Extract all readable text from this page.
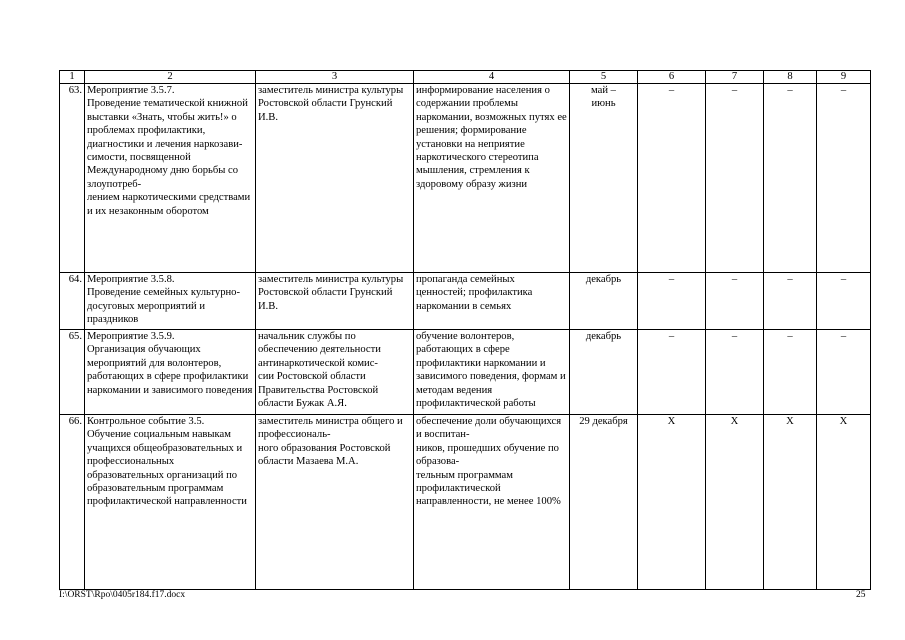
1	2	3	4	5	6	7	8	9
63.	Мероприятие 3.5.7.
Проведение тематической книжной выставки «Знать, чтобы жить!» о проблемах профилактики, диагностики и лечения наркозави-
симости, посвященной Международному дню борьбы со злоупотреб-
лением наркотическими средствами и их незаконным оборотом	заместитель министра культуры Ростовской области Грунский И.В.	информирование населения о содержании проблемы наркомании, возможных путях ее решения; формирование установки на неприятие наркотического стереотипа мышления, стремления к здоровому образу жизни	май –
июнь	–	–	–	–
64.	Мероприятие 3.5.8.
Проведение семейных культурно-досуговых мероприятий и праздников	заместитель министра культуры Ростовской области Грунский И.В.	пропаганда семейных ценностей; профилактика наркомании в семьях	декабрь	–	–	–	–
65.	Мероприятие 3.5.9.
Организация обучающих мероприятий для волонтеров, работающих в сфере профилактики наркомании и зависимого поведения	начальник службы по обеспечению деятельности антинаркотической комис-
сии Ростовской области Правительства Ростовской области Бужак А.Я.	обучение волонтеров, работающих в сфере профилактики наркомании и зависимого поведения, формам и методам ведения профилактической работы	декабрь	–	–	–	–
66.	Контрольное событие 3.5.
Обучение социальным навыкам учащихся общеобразовательных и профессиональных образовательных организаций по образовательным программам профилактической направленности	заместитель министра общего и профессиональ-
ного образования Ростовской области Мазаева М.А.	обеспечение доли обучающихся и воспитан-
ников, прошедших обучение по образова-
тельным программам профилактической направленности, не менее 100%	29 декабря	X	X	X	X
I:\ORST\Rpo\0405r184.f17.docx	25
